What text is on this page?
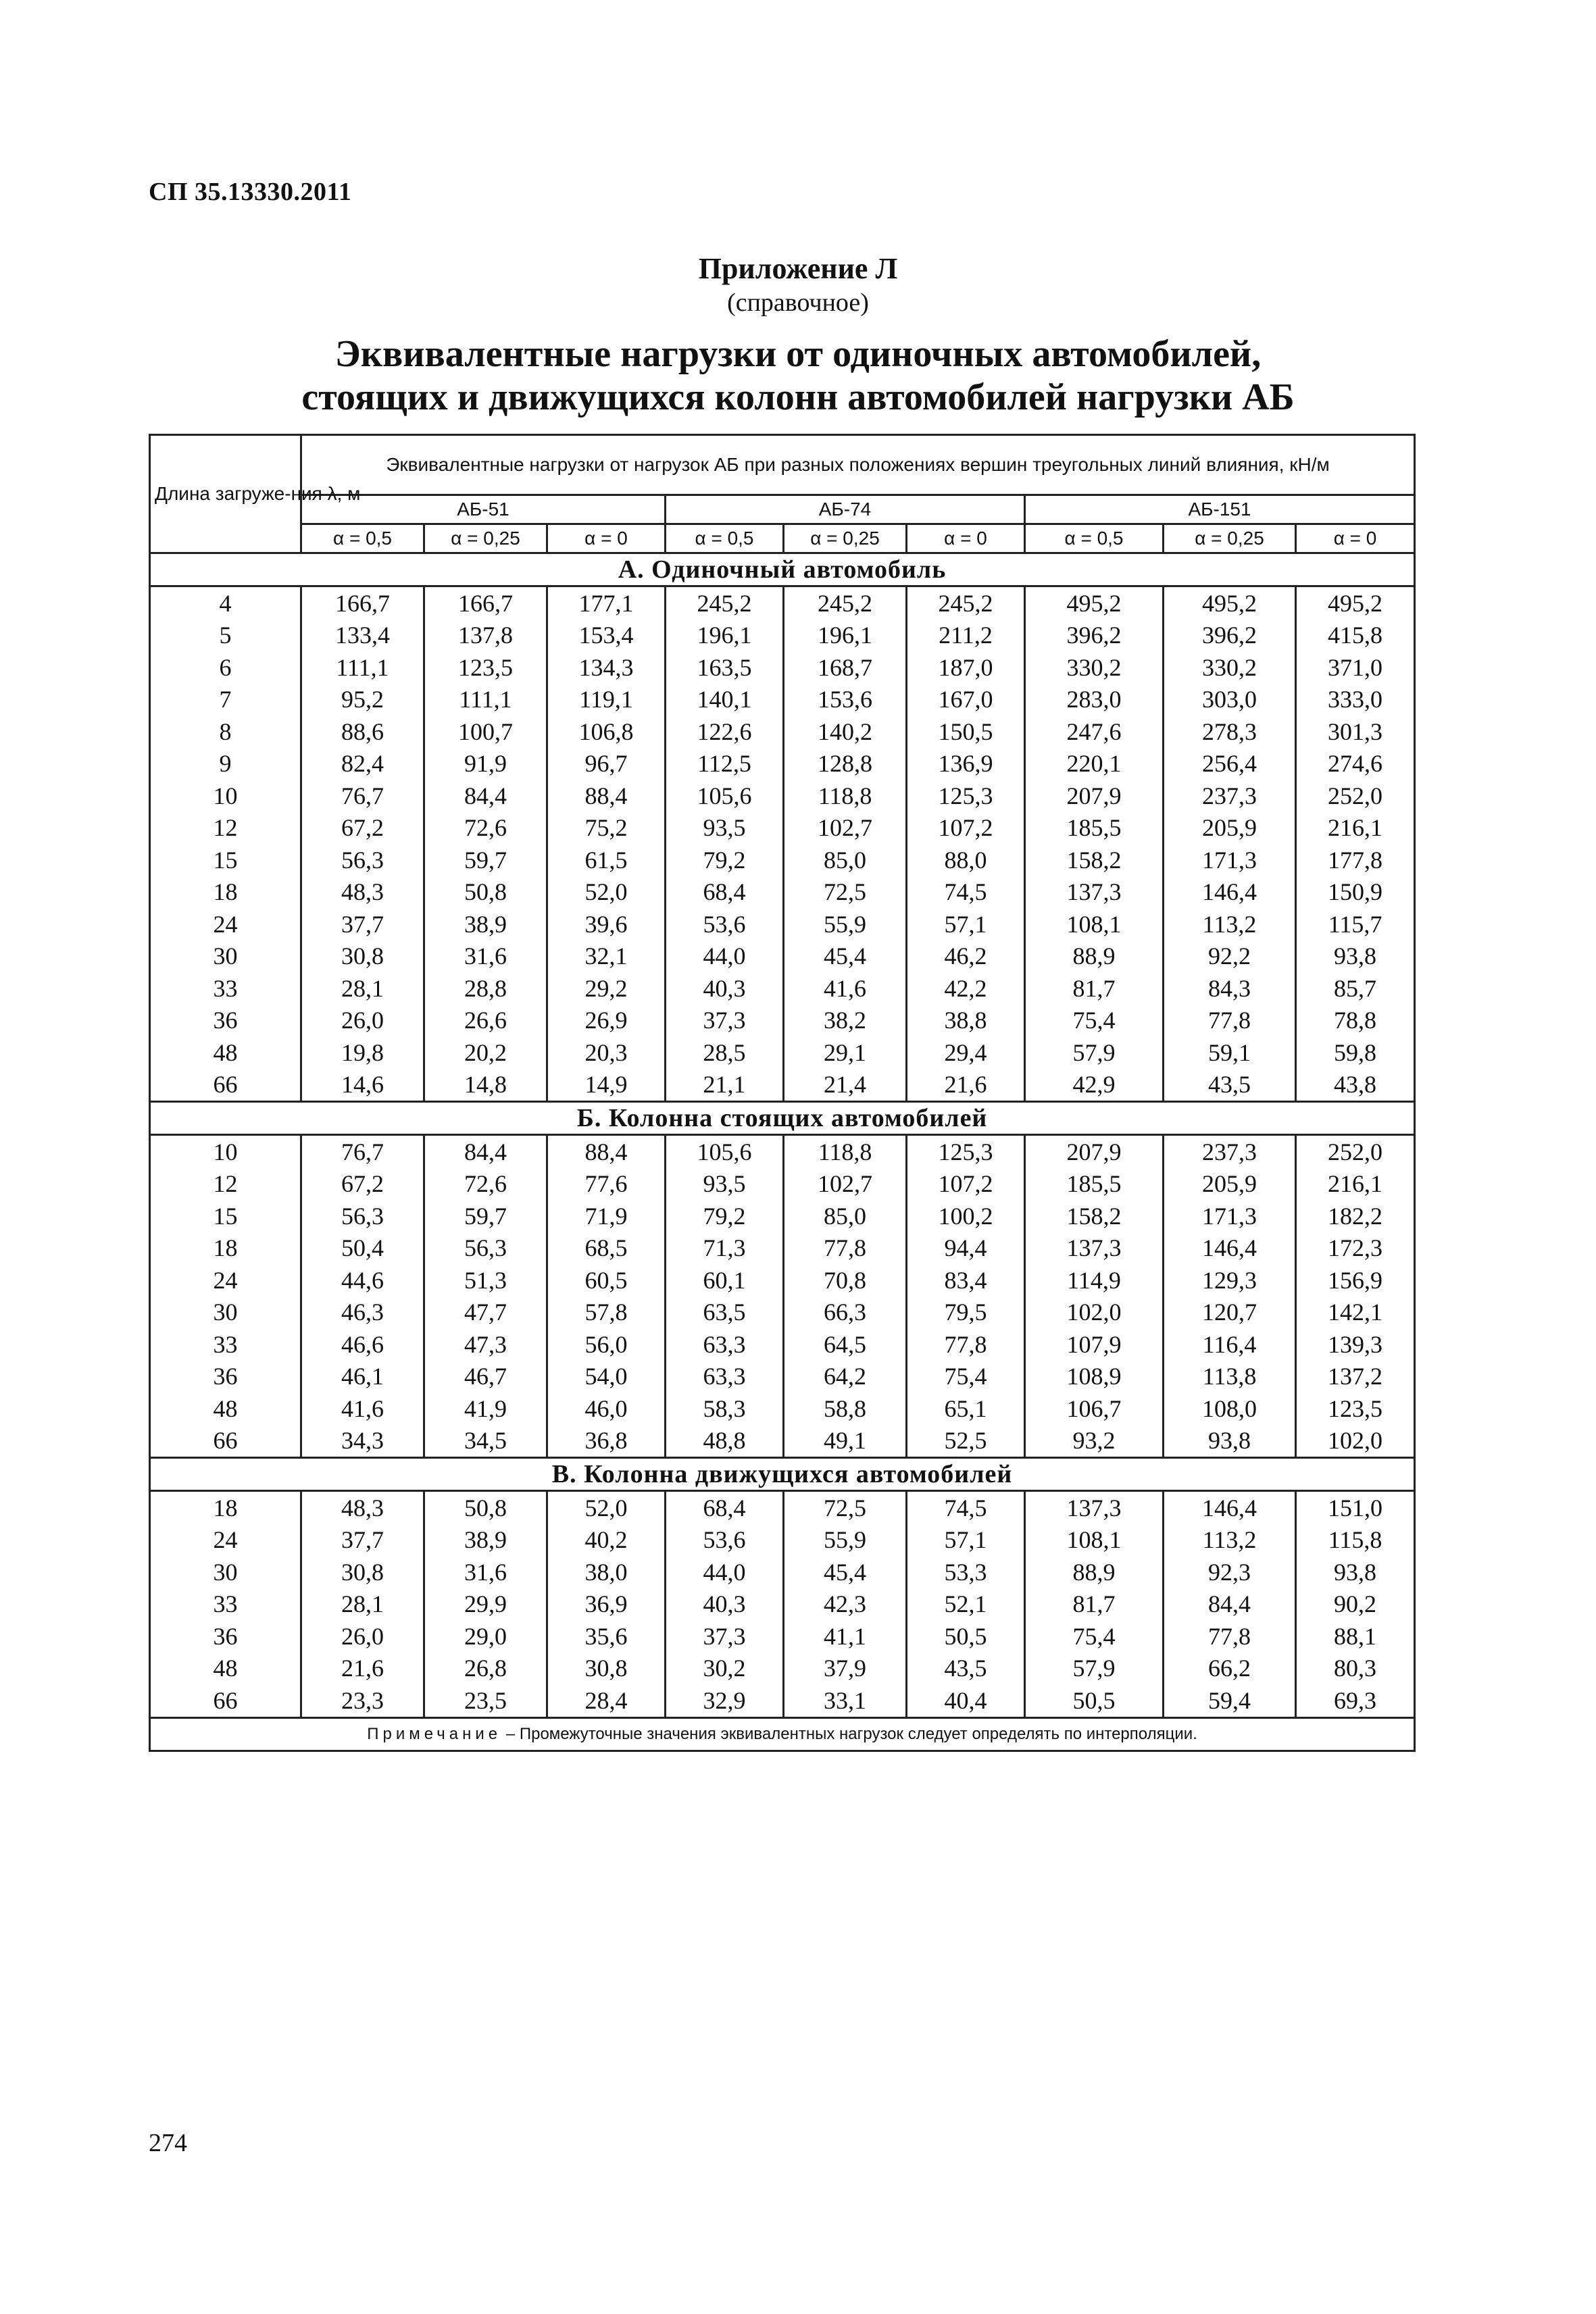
СП 35.13330.2011
Приложение Л
(справочное)
Эквивалентные нагрузки от одиночных автомобилей,
стоящих и движущихся колонн автомобилей нагрузки АБ
Длина загруже-ния λ, м	Эквивалентные нагрузки от нагрузок АБ при разных положениях вершин треугольных линий влияния, кН/м								
	АБ-51			АБ-74			АБ-151		
	α = 0,5	α = 0,25	α = 0	α = 0,5	α = 0,25	α = 0	α = 0,5	α = 0,25	α = 0
А. Одиночный автомобиль									
4	166,7	166,7	177,1	245,2	245,2	245,2	495,2	495,2	495,2
5	133,4	137,8	153,4	196,1	196,1	211,2	396,2	396,2	415,8
6	111,1	123,5	134,3	163,5	168,7	187,0	330,2	330,2	371,0
7	95,2	111,1	119,1	140,1	153,6	167,0	283,0	303,0	333,0
8	88,6	100,7	106,8	122,6	140,2	150,5	247,6	278,3	301,3
9	82,4	91,9	96,7	112,5	128,8	136,9	220,1	256,4	274,6
10	76,7	84,4	88,4	105,6	118,8	125,3	207,9	237,3	252,0
12	67,2	72,6	75,2	93,5	102,7	107,2	185,5	205,9	216,1
15	56,3	59,7	61,5	79,2	85,0	88,0	158,2	171,3	177,8
18	48,3	50,8	52,0	68,4	72,5	74,5	137,3	146,4	150,9
24	37,7	38,9	39,6	53,6	55,9	57,1	108,1	113,2	115,7
30	30,8	31,6	32,1	44,0	45,4	46,2	88,9	92,2	93,8
33	28,1	28,8	29,2	40,3	41,6	42,2	81,7	84,3	85,7
36	26,0	26,6	26,9	37,3	38,2	38,8	75,4	77,8	78,8
48	19,8	20,2	20,3	28,5	29,1	29,4	57,9	59,1	59,8
66	14,6	14,8	14,9	21,1	21,4	21,6	42,9	43,5	43,8
Б. Колонна стоящих автомобилей									
10	76,7	84,4	88,4	105,6	118,8	125,3	207,9	237,3	252,0
12	67,2	72,6	77,6	93,5	102,7	107,2	185,5	205,9	216,1
15	56,3	59,7	71,9	79,2	85,0	100,2	158,2	171,3	182,2
18	50,4	56,3	68,5	71,3	77,8	94,4	137,3	146,4	172,3
24	44,6	51,3	60,5	60,1	70,8	83,4	114,9	129,3	156,9
30	46,3	47,7	57,8	63,5	66,3	79,5	102,0	120,7	142,1
33	46,6	47,3	56,0	63,3	64,5	77,8	107,9	116,4	139,3
36	46,1	46,7	54,0	63,3	64,2	75,4	108,9	113,8	137,2
48	41,6	41,9	46,0	58,3	58,8	65,1	106,7	108,0	123,5
66	34,3	34,5	36,8	48,8	49,1	52,5	93,2	93,8	102,0
В. Колонна движущихся автомобилей									
18	48,3	50,8	52,0	68,4	72,5	74,5	137,3	146,4	151,0
24	37,7	38,9	40,2	53,6	55,9	57,1	108,1	113,2	115,8
30	30,8	31,6	38,0	44,0	45,4	53,3	88,9	92,3	93,8
33	28,1	29,9	36,9	40,3	42,3	52,1	81,7	84,4	90,2
36	26,0	29,0	35,6	37,3	41,1	50,5	75,4	77,8	88,1
48	21,6	26,8	30,8	30,2	37,9	43,5	57,9	66,2	80,3
66	23,3	23,5	28,4	32,9	33,1	40,4	50,5	59,4	69,3
Примечание – Промежуточные значения эквивалентных нагрузок следует определять по интерполяции.									
274
